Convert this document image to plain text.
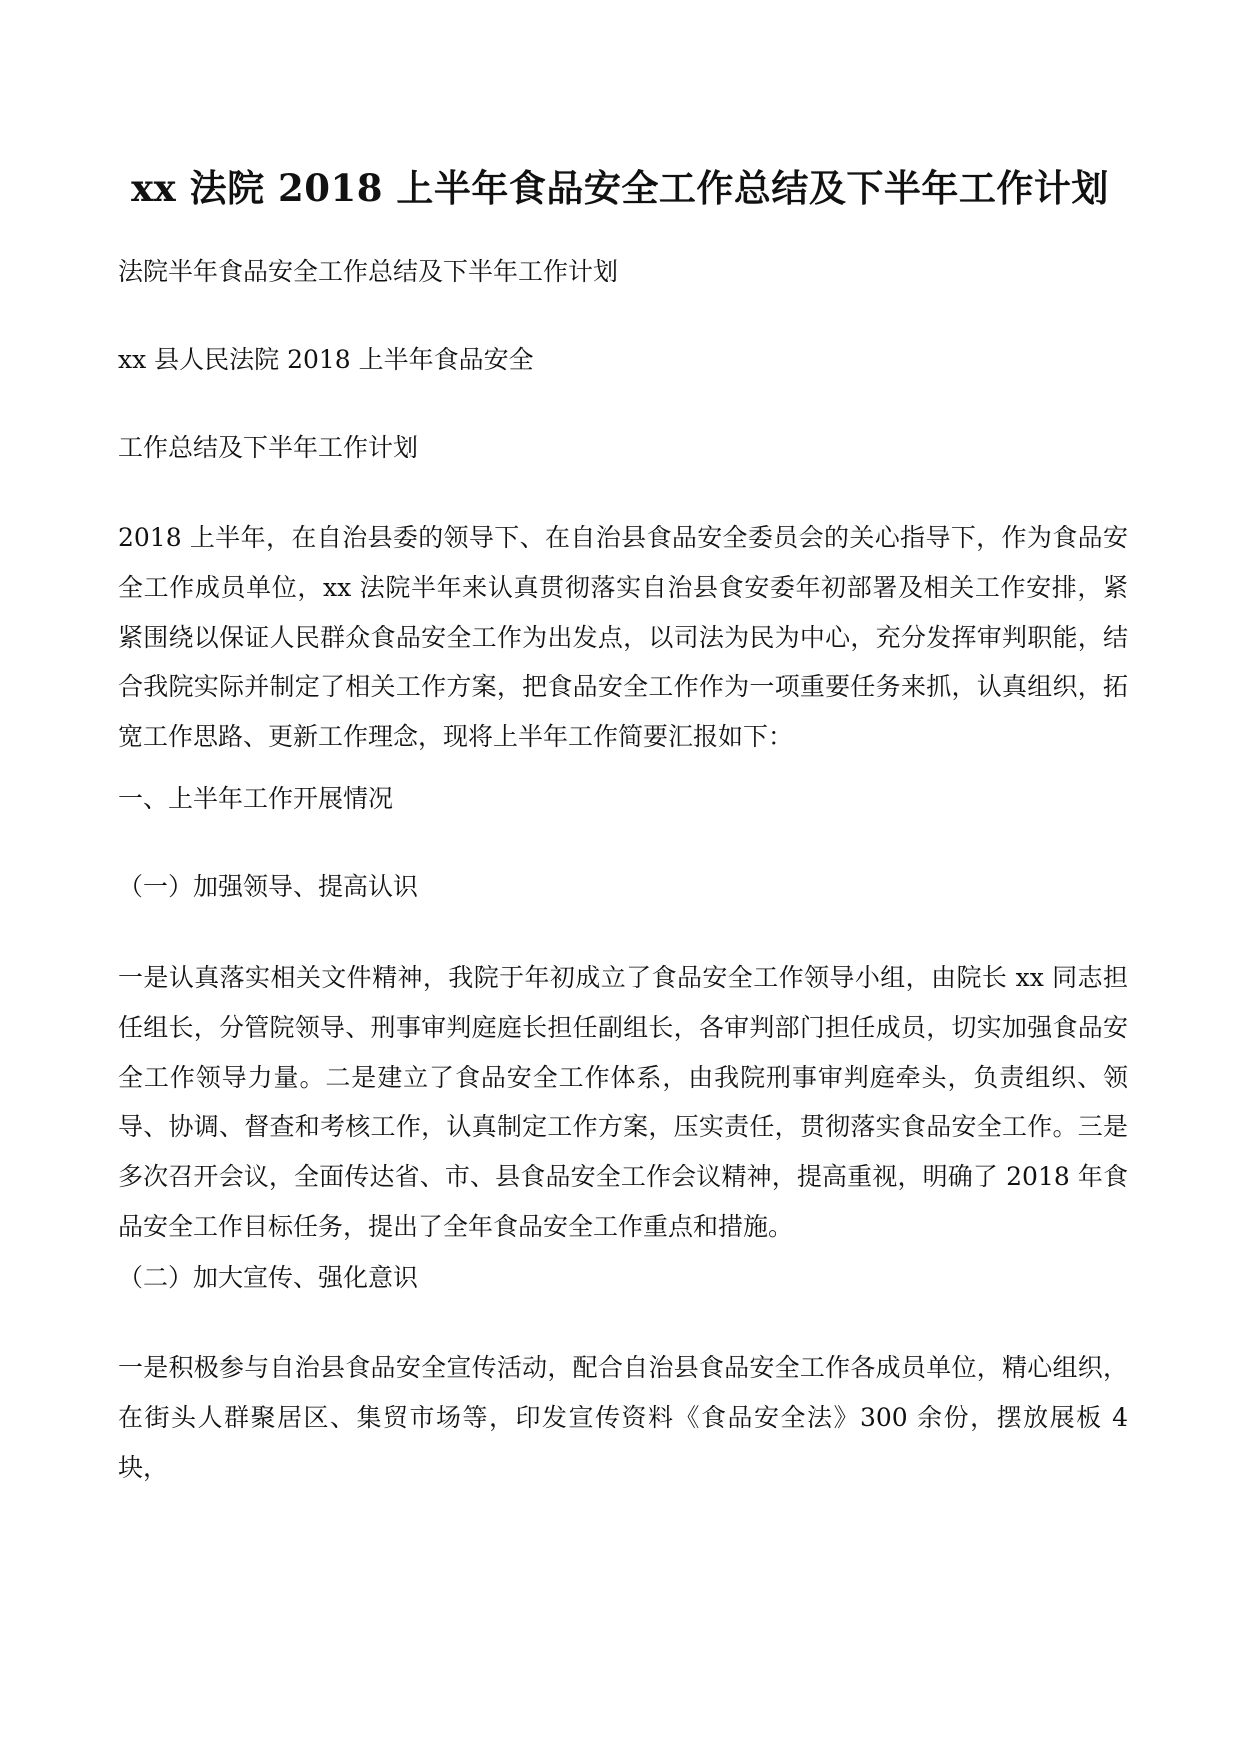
xx 法院 2018 上半年食品安全工作总结及下半年工作计划
法院半年食品安全工作总结及下半年工作计划
xx 县人民法院 2018 上半年食品安全
工作总结及下半年工作计划
2018 上半年，在自治县委的领导下、在自治县食品安全委员会的关心指导下，作为食品安全工作成员单位，xx 法院半年来认真贯彻落实自治县食安委年初部署及相关工作安排，紧紧围绕以保证人民群众食品安全工作为出发点，以司法为民为中心，充分发挥审判职能，结合我院实际并制定了相关工作方案，把食品安全工作作为一项重要任务来抓，认真组织，拓宽工作思路、更新工作理念，现将上半年工作简要汇报如下：
一、上半年工作开展情况
（一）加强领导、提高认识
一是认真落实相关文件精神，我院于年初成立了食品安全工作领导小组，由院长 xx 同志担任组长，分管院领导、刑事审判庭庭长担任副组长，各审判部门担任成员，切实加强食品安全工作领导力量。二是建立了食品安全工作体系，由我院刑事审判庭牵头，负责组织、领导、协调、督查和考核工作，认真制定工作方案，压实责任，贯彻落实食品安全工作。三是多次召开会议，全面传达省、市、县食品安全工作会议精神，提高重视，明确了 2018 年食品安全工作目标任务，提出了全年食品安全工作重点和措施。
（二）加大宣传、强化意识
一是积极参与自治县食品安全宣传活动，配合自治县食品安全工作各成员单位，精心组织，在街头人群聚居区、集贸市场等，印发宣传资料《食品安全法》300 余份，摆放展板 4 块，
